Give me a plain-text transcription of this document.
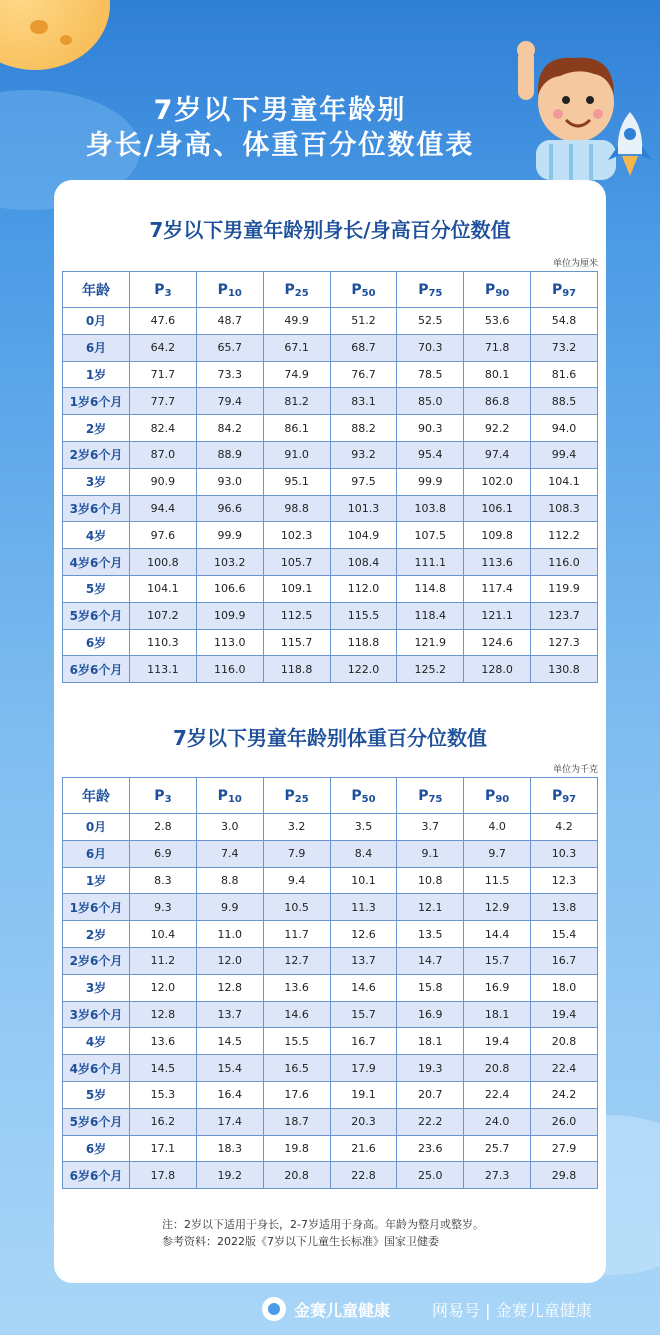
7岁以下男童年龄别
身长/身高、体重百分位数值表
7岁以下男童年龄别身长/身高百分位数值
单位为厘米
年龄	$P_3$	$P_{10}$	$P_{25}$	$P_{50}$	$P_{75}$	$P_{90}$	$P_{97}$
0月	47.6	48.7	49.9	51.2	52.5	53.6	54.8
6月	64.2	65.7	67.1	68.7	70.3	71.8	73.2
1岁	71.7	73.3	74.9	76.7	78.5	80.1	81.6
1岁6个月	77.7	79.4	81.2	83.1	85.0	86.8	88.5
2岁	82.4	84.2	86.1	88.2	90.3	92.2	94.0
2岁6个月	87.0	88.9	91.0	93.2	95.4	97.4	99.4
3岁	90.9	93.0	95.1	97.5	99.9	102.0	104.1
3岁6个月	94.4	96.6	98.8	101.3	103.8	106.1	108.3
4岁	97.6	99.9	102.3	104.9	107.5	109.8	112.2
4岁6个月	100.8	103.2	105.7	108.4	111.1	113.6	116.0
5岁	104.1	106.6	109.1	112.0	114.8	117.4	119.9
5岁6个月	107.2	109.9	112.5	115.5	118.4	121.1	123.7
6岁	110.3	113.0	115.7	118.8	121.9	124.6	127.3
6岁6个月	113.1	116.0	118.8	122.0	125.2	128.0	130.8
7岁以下男童年龄别体重百分位数值
单位为千克
年龄	$P_3$	$P_{10}$	$P_{25}$	$P_{50}$	$P_{75}$	$P_{90}$	$P_{97}$
0月	2.8	3.0	3.2	3.5	3.7	4.0	4.2
6月	6.9	7.4	7.9	8.4	9.1	9.7	10.3
1岁	8.3	8.8	9.4	10.1	10.8	11.5	12.3
1岁6个月	9.3	9.9	10.5	11.3	12.1	12.9	13.8
2岁	10.4	11.0	11.7	12.6	13.5	14.4	15.4
2岁6个月	11.2	12.0	12.7	13.7	14.7	15.7	16.7
3岁	12.0	12.8	13.6	14.6	15.8	16.9	18.0
3岁6个月	12.8	13.7	14.6	15.7	16.9	18.1	19.4
4岁	13.6	14.5	15.5	16.7	18.1	19.4	20.8
4岁6个月	14.5	15.4	16.5	17.9	19.3	20.8	22.4
5岁	15.3	16.4	17.6	19.1	20.7	22.4	24.2
5岁6个月	16.2	17.4	18.7	20.3	22.2	24.0	26.0
6岁	17.1	18.3	19.8	21.6	23.6	25.7	27.9
6岁6个月	17.8	19.2	20.8	22.8	25.0	27.3	29.8
注：2岁以下适用于身长，2-7岁适用于身高。年龄为整月或整岁。
参考资料：2022版《7岁以下儿童生长标准》国家卫健委
金赛儿童健康	网易号 | 金赛儿童健康
